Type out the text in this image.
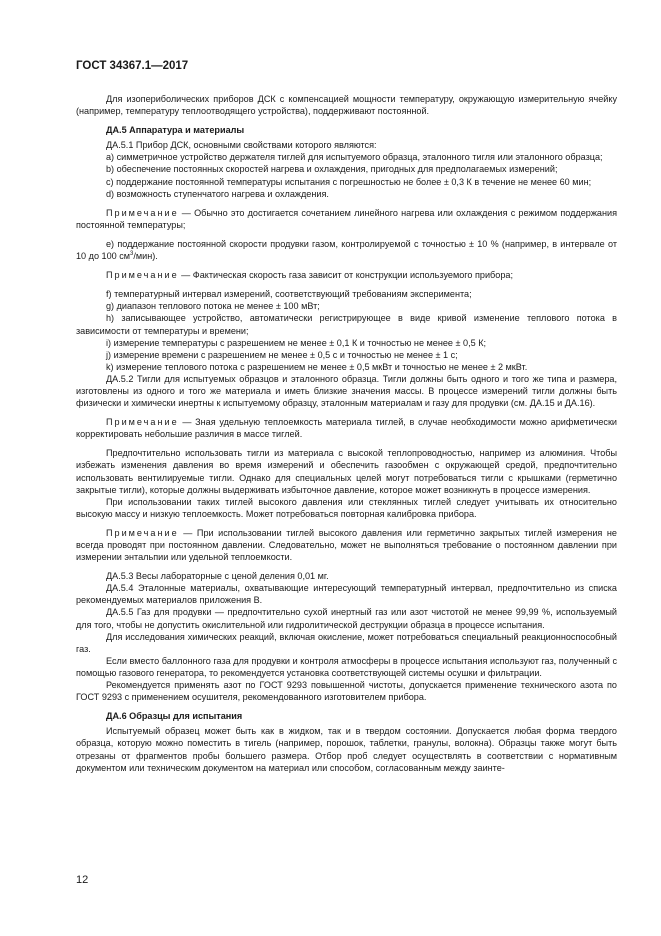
ГОСТ 34367.1—2017

Для изопериболических приборов ДСК с компенсацией мощности температуру, окружающую измерительную ячейку (например, температуру теплоотводящего устройства), поддерживают постоянной.

ДА.5 Аппаратура и материалы

ДА.5.1 Прибор ДСК, основными свойствами которого являются:

а) симметричное устройство держателя тиглей для испытуемого образца, эталонного тигля или эталонного образца;

b) обеспечение постоянных скоростей нагрева и охлаждения, пригодных для предполагаемых измерений;

c) поддержание постоянной температуры испытания с погрешностью не более ± 0,3 К в течение не менее 60 мин;

d) возможность ступенчатого нагрева и охлаждения.

Примечание — Обычно это достигается сочетанием линейного нагрева или охлаждения с режимом поддержания постоянной температуры;

е) поддержание постоянной скорости продувки газом, контролируемой с точностью ± 10 % (например, в интервале от 10 до 100 $см^3/мин$).

Примечание — Фактическая скорость газа зависит от конструкции используемого прибора;

f) температурный интервал измерений, соответствующий требованиям эксперимента;

g) диапазон теплового потока не менее ± 100 мВт;

h) записывающее устройство, автоматически регистрирующее в виде кривой изменение теплового потока в зависимости от температуры и времени;

i) измерение температуры с разрешением не менее ± 0,1 К и точностью не менее ± 0,5 К;

j) измерение времени с разрешением не менее ± 0,5 с и точностью не менее ± 1 с;

k) измерение теплового потока с разрешением не менее ± 0,5 мкВт и точностью не менее ± 2 мкВт.

ДА.5.2 Тигли для испытуемых образцов и эталонного образца. Тигли должны быть одного и того же типа и размера, изготовлены из одного и того же материала и иметь близкие значения массы. В процессе измерений тигли должны быть физически и химически инертны к испытуемому образцу, эталонным материалам и газу для продувки (см. ДА.15 и ДА.16).

Примечание — Зная удельную теплоемкость материала тиглей, в случае необходимости можно арифметически корректировать небольшие различия в массе тиглей.

Предпочтительно использовать тигли из материала с высокой теплопроводностью, например из алюминия. Чтобы избежать изменения давления во время измерений и обеспечить газообмен с окружающей средой, предпочтительно использовать вентилируемые тигли. Однако для специальных целей могут потребоваться тигли с крышками (герметично закрытые тигли), которые должны выдерживать избыточное давление, которое может возникнуть в процессе измерения.

При использовании таких тиглей высокого давления или стеклянных тиглей следует учитывать их относительно высокую массу и низкую теплоемкость. Может потребоваться повторная калибровка прибора.

Примечание — При использовании тиглей высокого давления или герметично закрытых тиглей измерения не всегда проводят при постоянном давлении. Следовательно, может не выполняться требование о постоянном давлении при измерении энтальпии или удельной теплоемкости.

ДА.5.3 Весы лабораторные с ценой деления 0,01 мг.

ДА.5.4 Эталонные материалы, охватывающие интересующий температурный интервал, предпочтительно из списка рекомендуемых материалов приложения В.

ДА.5.5 Газ для продувки — предпочтительно сухой инертный газ или азот чистотой не менее 99,99 %, используемый для того, чтобы не допустить окислительной или гидролитической деструкции образца в процессе испытания.

Для исследования химических реакций, включая окисление, может потребоваться специальный реакционноспособный газ.

Если вместо баллонного газа для продувки и контроля атмосферы в процессе испытания используют газ, полученный с помощью газового генератора, то рекомендуется установка соответствующей системы осушки и фильтрации.

Рекомендуется применять азот по ГОСТ 9293 повышенной чистоты, допускается применение технического азота по ГОСТ 9293 с применением осушителя, рекомендованного изготовителем прибора.

ДА.6 Образцы для испытания

Испытуемый образец может быть как в жидком, так и в твердом состоянии. Допускается любая форма твердого образца, которую можно поместить в тигель (например, порошок, таблетки, гранулы, волокна). Образцы также могут быть отрезаны от фрагментов пробы большего размера. Отбор проб следует осуществлять в соответствии с нормативным документом или техническим документом на материал или способом, согласованным между заинте-

12
